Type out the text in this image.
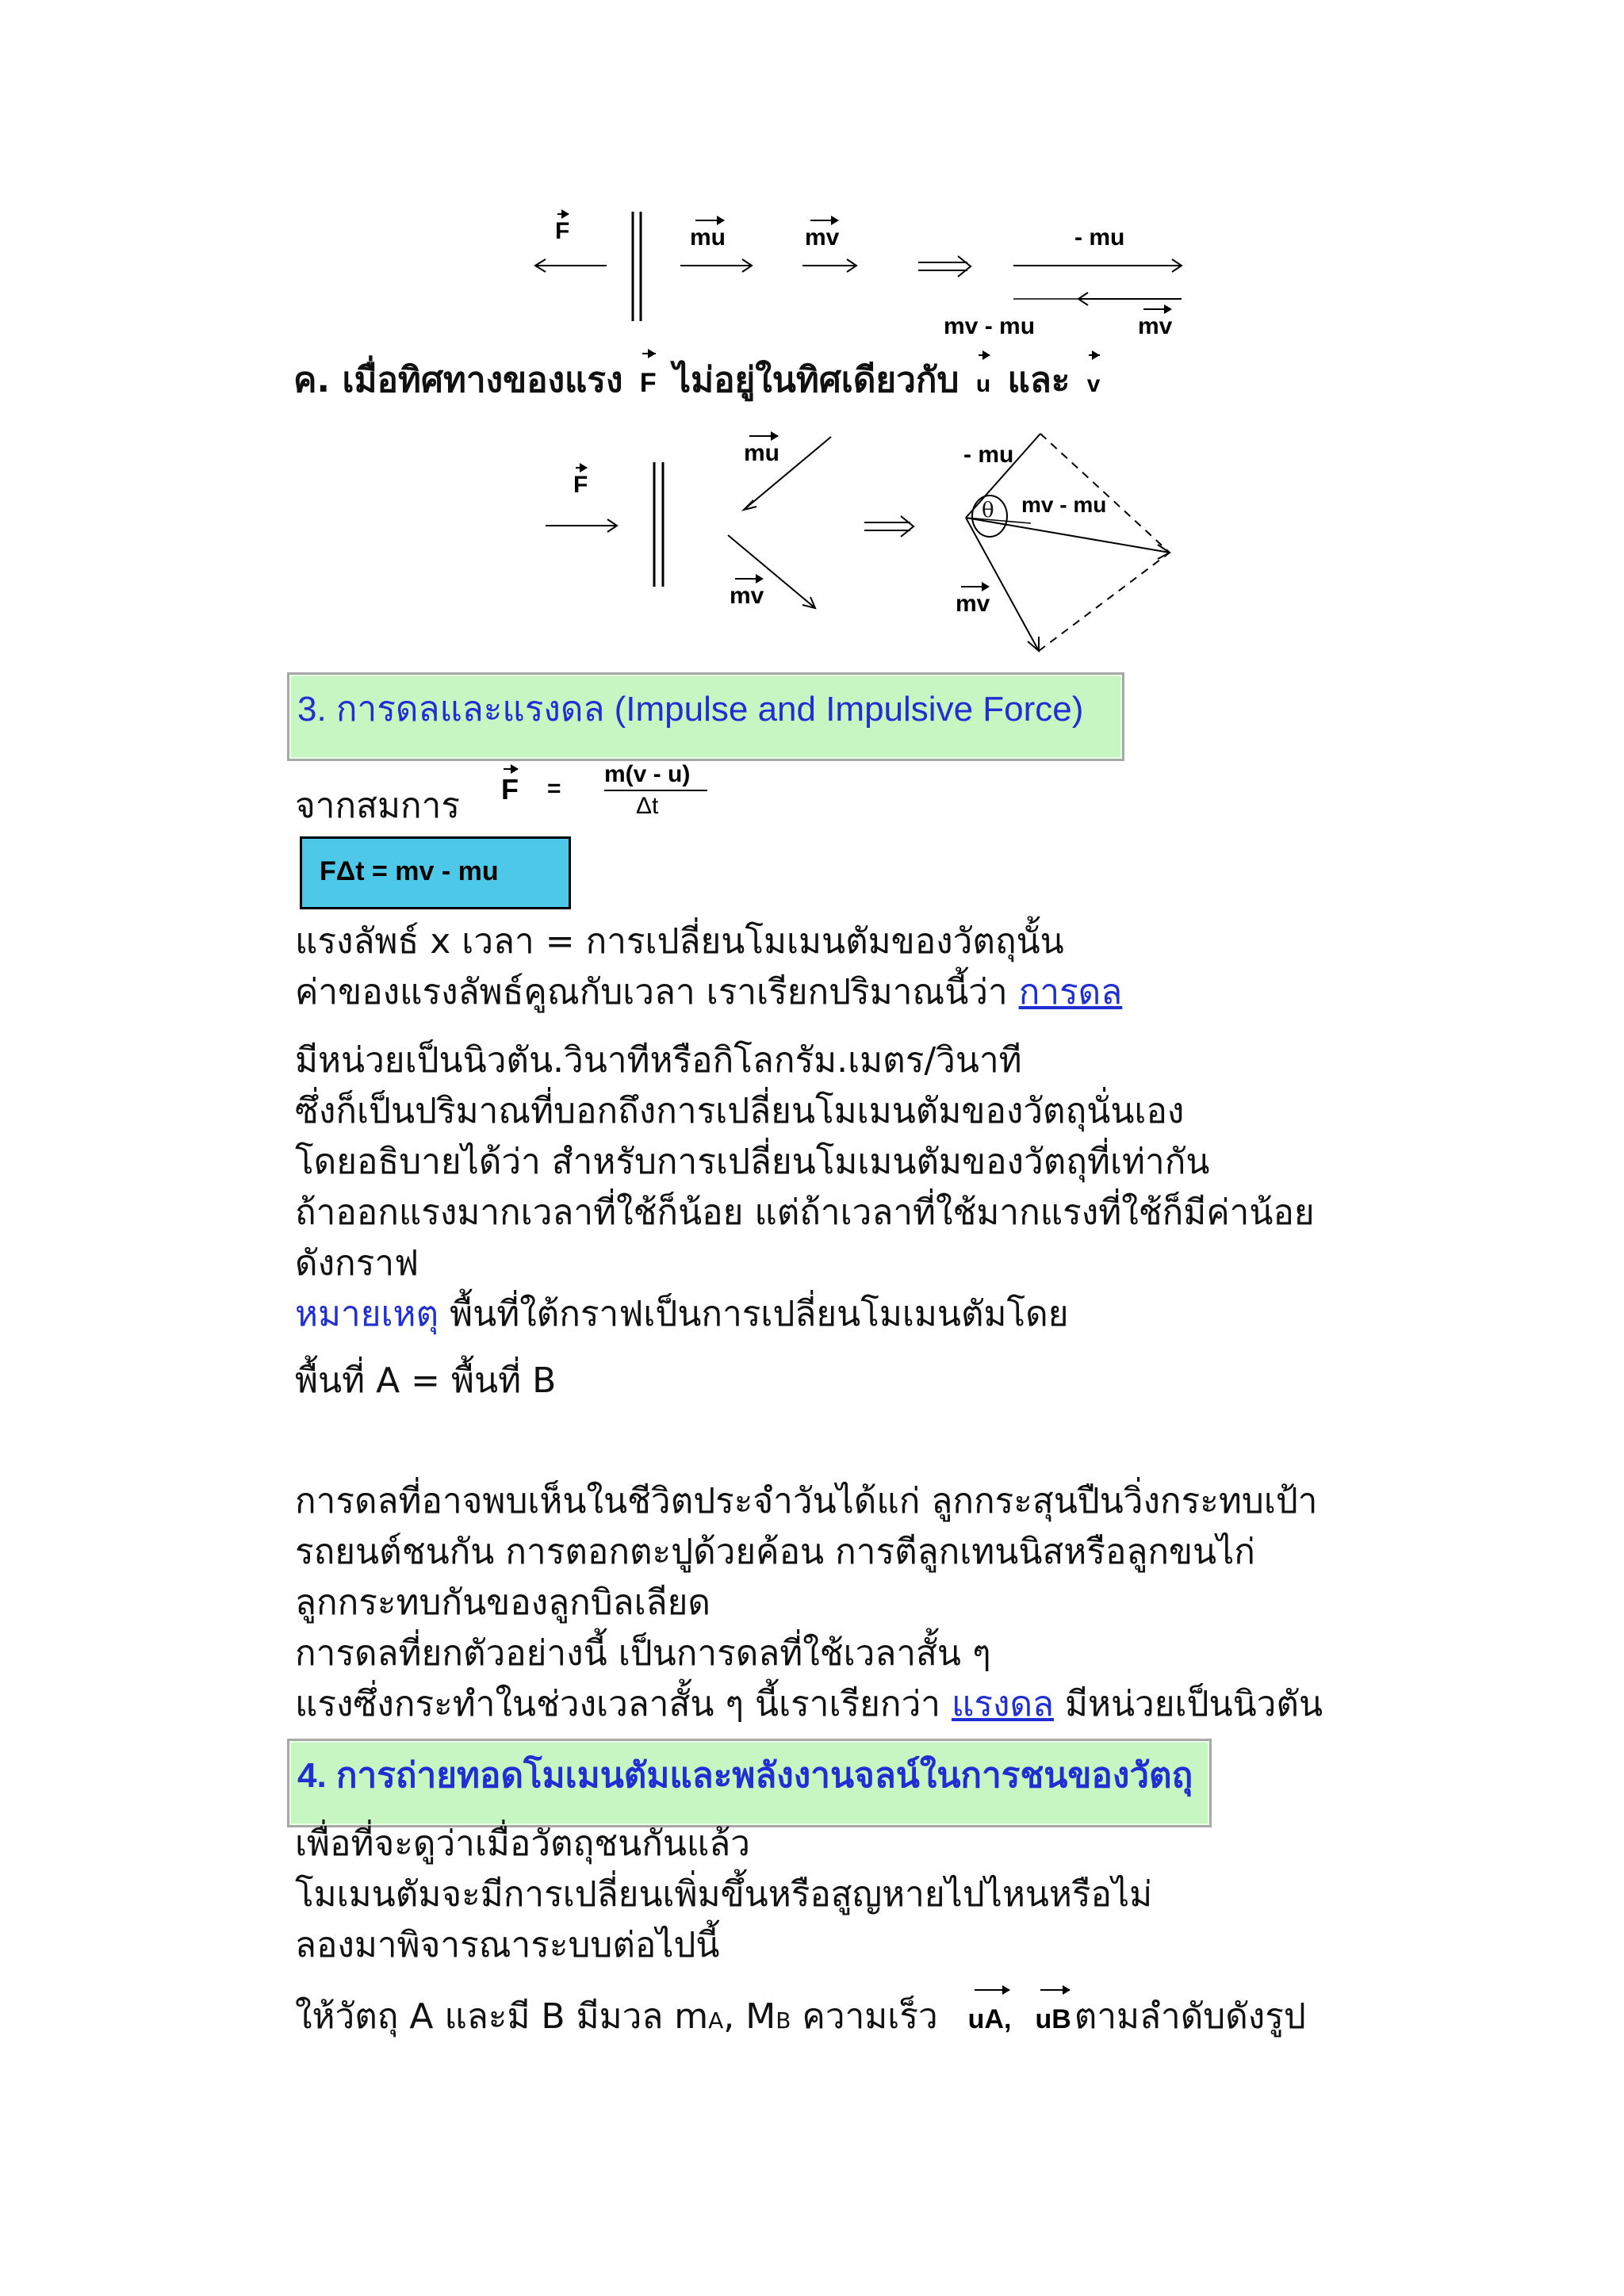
F	mu	mv	- mu
mv - mu	mv
ค. เมื่อทิศทางของแรง F ไม่อยู่ในทิศเดียวกับ u และ v
F
mu
mv
- mu
mv - mu
mv
θ
3. การดลและแรงดล (Impulse and Impulsive Force)
จากสมการ F =
m(v - u)
Δt
FΔt = mv - mu
แรงลัพธ์ x เวลา = การเปลี่ยนโมเมนตัมของวัตถุนั้น
ค่าของแรงลัพธ์คูณกับเวลา เราเรียกปริมาณนี้ว่า การดล
มีหน่วยเป็นนิวตัน.วินาทีหรือกิโลกรัม.เมตร/วินาที
ซึ่งก็เป็นปริมาณที่บอกถึงการเปลี่ยนโมเมนตัมของวัตถุนั่นเอง
โดยอธิบายได้ว่า สำหรับการเปลี่ยนโมเมนตัมของวัตถุที่เท่ากัน
ถ้าออกแรงมากเวลาที่ใช้ก็น้อย แต่ถ้าเวลาที่ใช้มากแรงที่ใช้ก็มีค่าน้อย
ดังกราฟ
หมายเหตุ พื้นที่ใต้กราฟเป็นการเปลี่ยนโมเมนตัมโดย
พื้นที่ A = พื้นที่ B
การดลที่อาจพบเห็นในชีวิตประจำวันได้แก่ ลูกกระสุนปืนวิ่งกระทบเป้า
รถยนต์ชนกัน การตอกตะปูด้วยค้อน การตีลูกเทนนิสหรือลูกขนไก่
ลูกกระทบกันของลูกบิลเลียด
การดลที่ยกตัวอย่างนี้ เป็นการดลที่ใช้เวลาสั้น ๆ
แรงซึ่งกระทำในช่วงเวลาสั้น ๆ นี้เราเรียกว่า แรงดล มีหน่วยเป็นนิวตัน
4. การถ่ายทอดโมเมนตัมและพลังงานจลน์ในการชนของวัตถุ
เพื่อที่จะดูว่าเมื่อวัตถุชนกันแล้ว
โมเมนตัมจะมีการเปลี่ยนเพิ่มขึ้นหรือสูญหายไปไหนหรือไม่
ลองมาพิจารณาระบบต่อไปนี้
ให้วัตถุ A และมี B มีมวล mA, MB ความเร็ว uA, uBตามลำดับดังรูป
